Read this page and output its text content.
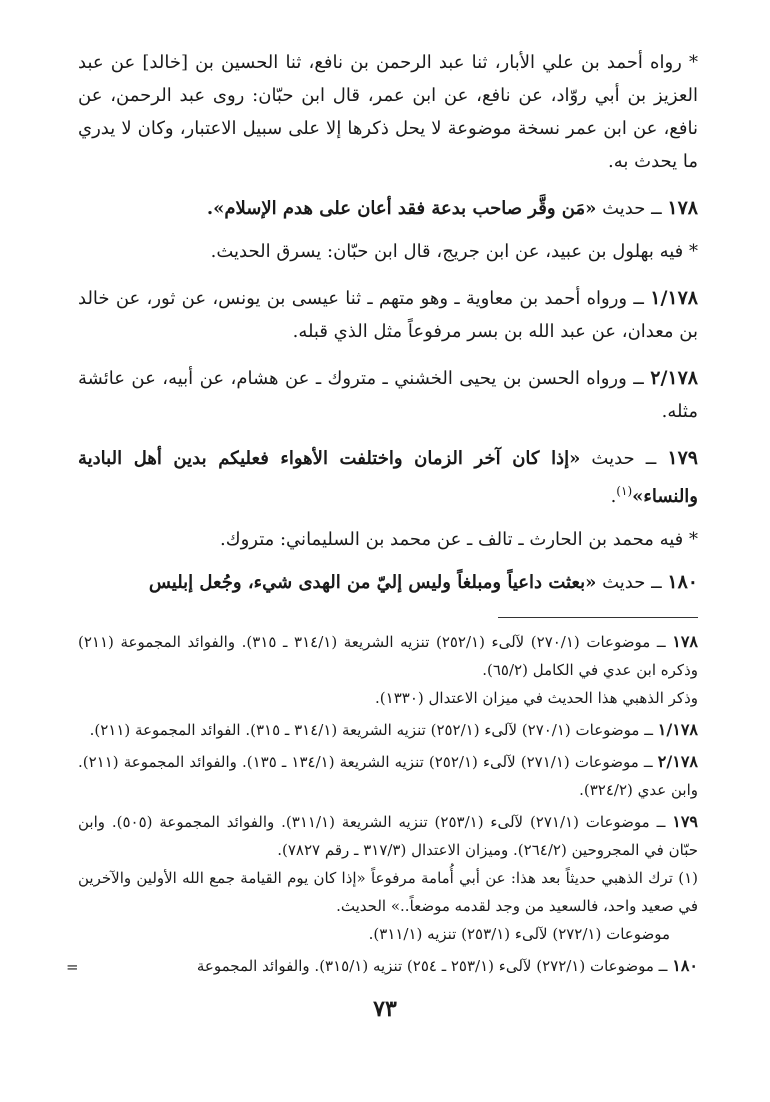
* رواه أحمد بن علي الأبار، ثنا عبد الرحمن بن نافع، ثنا الحسين بن [خالد] عن عبد العزيز بن أبي روّاد، عن نافع، عن ابن عمر، قال ابن حبّان: روى عبد الرحمن، عن نافع، عن ابن عمر نسخة موضوعة لا يحل ذكرها إلا على سبيل الاعتبار، وكان لا يدري ما يحدث به.

١٧٨ ــ حديث «مَن وقَّر صاحب بدعة فقد أعان على هدم الإسلام».

* فيه بهلول بن عبيد، عن ابن جريج، قال ابن حبّان: يسرق الحديث.

١/١٧٨ ــ ورواه أحمد بن معاوية ـ وهو متهم ـ ثنا عيسى بن يونس، عن ثور، عن خالد بن معدان، عن عبد الله بن بسر مرفوعاً مثل الذي قبله.

٢/١٧٨ ــ ورواه الحسن بن يحيى الخشني ـ متروك ـ عن هشام، عن أبيه، عن عائشة مثله.

١٧٩ ــ حديث «إذا كان آخر الزمان واختلفت الأهواء فعليكم بدين أهل البادية والنساء»$^{(١)}$.

* فيه محمد بن الحارث ـ تالف ـ عن محمد بن السليماني: متروك.

١٨٠ ــ حديث «بعثت داعياً ومبلغاً وليس إليّ من الهدى شيء، وجُعل إبليس

١٧٨ ــ موضوعات (٢٧٠/١) لآلىء (٢٥٢/١) تنزيه الشريعة (٣١٤/١ ـ ٣١٥). والفوائد المجموعة (٢١١) وذكره ابن عدي في الكامل (٦٥/٢).

وذكر الذهبي هذا الحديث في ميزان الاعتدال (١٣٣٠).

١/١٧٨ ــ موضوعات (٢٧٠/١) لآلىء (٢٥٢/١) تنزيه الشريعة (٣١٤/١ ـ ٣١٥). الفوائد المجموعة (٢١١).

٢/١٧٨ ــ موضوعات (٢٧١/١) لآلىء (٢٥٢/١) تنزيه الشريعة (١٣٤/١ ـ ١٣٥). والفوائد المجموعة (٢١١). وابن عدي (٣٢٤/٢).

١٧٩ ــ موضوعات (٢٧١/١) لآلىء (٢٥٣/١) تنزيه الشريعة (٣١١/١). والفوائد المجموعة (٥٠٥). وابن حبّان في المجروحين (٢٦٤/٢). وميزان الاعتدال (٣١٧/٣ ـ رقم ٧٨٢٧).

(١) ترك الذهبي حديثاً بعد هذا: عن أبي أُمامة مرفوعاً «إذا كان يوم القيامة جمع الله الأولين والآخرين في صعيد واحد، فالسعيد من وجد لقدمه موضعاً..» الحديث.

موضوعات (٢٧٢/١) لآلىء (٢٥٣/١) تنزيه (٣١١/١).

١٨٠ ــ موضوعات (٢٧٢/١) لآلىء (٢٥٣/١ ـ ٢٥٤) تنزيه (٣١٥/١). والفوائد المجموعة

=
٧٣
